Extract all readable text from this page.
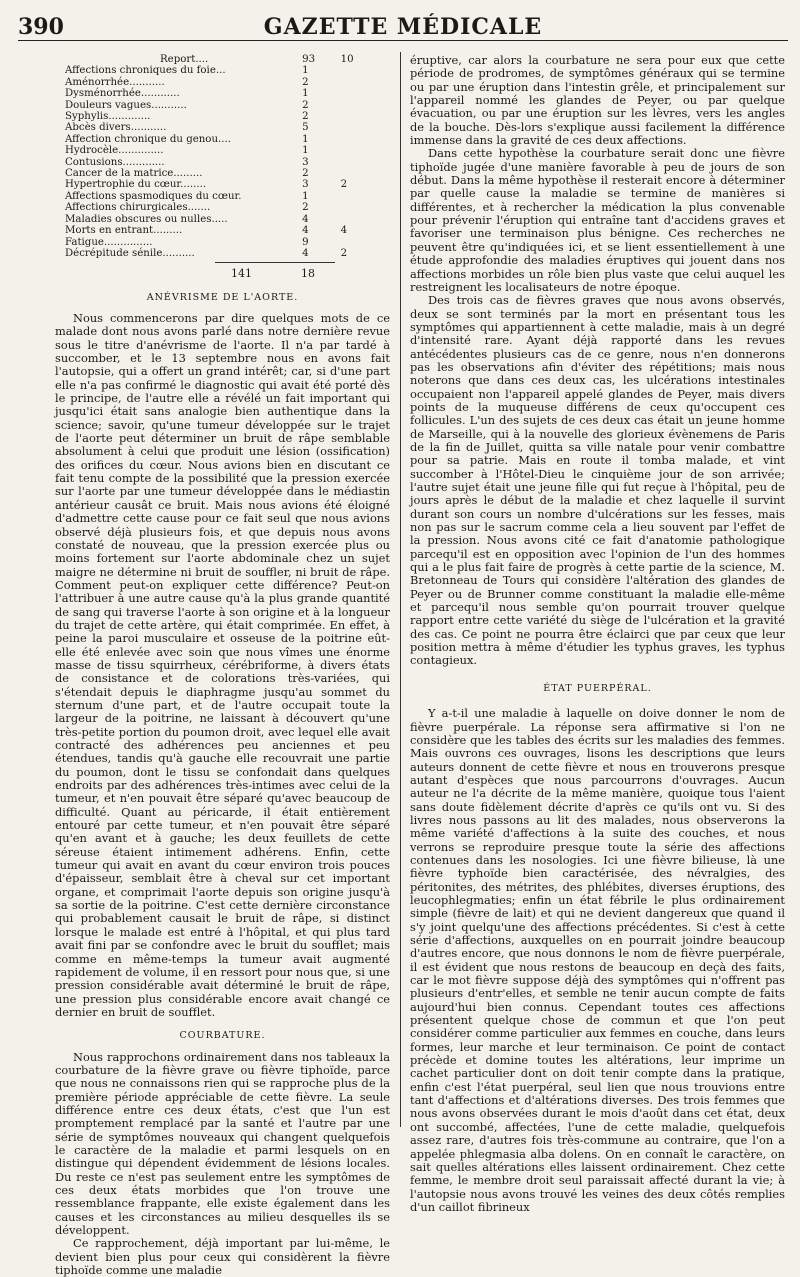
390	GAZETTE MÉDICALE
Report....	93	10
Affections chroniques du foie...	1	
Aménorrhée...........	2	
Dysménorrhée............	1	
Douleurs vagues...........	2	
Syphylis.............	2	
Abcès divers...........	5	
Affection chronique du genou....	1	
Hydrocèle..............	1	
Contusions.............	3	
Cancer de la matrice.........	2	
Hypertrophie du cœur........	3	2
Affections spasmodiques du cœur.	1	
Affections chirurgicales.......	2	
Maladies obscures ou nulles.....	4	
Morts en entrant.........	4	4
Fatigue...............	9	
Décrépitude sénile..........	4	2
141	18
ANÉVRISME DE L'AORTE.

Nous commencerons par dire quelques mots de ce malade dont nous avons parlé dans notre dernière revue sous le titre d'anévrisme de l'aorte. Il n'a par tardé à succomber, et le 13 septembre nous en avons fait l'autopsie, qui a offert un grand intérêt; car, si d'une part elle n'a pas confirmé le diagnostic qui avait été porté dès le principe, de l'autre elle a révélé un fait important qui jusqu'ici était sans analogie bien authentique dans la science; savoir, qu'une tumeur développée sur le trajet de l'aorte peut déterminer un bruit de râpe semblable absolument à celui que produit une lésion (ossification) des orifices du cœur. Nous avions bien en discutant ce fait tenu compte de la possibilité que la pression exercée sur l'aorte par une tumeur développée dans le médiastin antérieur causât ce bruit. Mais nous avions été éloigné d'admettre cette cause pour ce fait seul que nous avions observé déjà plusieurs fois, et que depuis nous avons constaté de nouveau, que la pression exercée plus ou moins fortement sur l'aorte abdominale chez un sujet maigre ne détermine ni bruit de souffler, ni bruit de râpe. Comment peut-on expliquer cette différence? Peut-on l'attribuer à une autre cause qu'à la plus grande quantité de sang qui traverse l'aorte à son origine et à la longueur du trajet de cette artère, qui était comprimée. En effet, à peine la paroi musculaire et osseuse de la poitrine eût-elle été enlevée avec soin que nous vîmes une énorme masse de tissu squirrheux, cérébriforme, à divers états de consistance et de colorations très-variées, qui s'étendait depuis le diaphragme jusqu'au sommet du sternum d'une part, et de l'autre occupait toute la largeur de la poitrine, ne laissant à découvert qu'une très-petite portion du poumon droit, avec lequel elle avait contracté des adhérences peu anciennes et peu étendues, tandis qu'à gauche elle recouvrait une partie du poumon, dont le tissu se confondait dans quelques endroits par des adhérences très-intimes avec celui de la tumeur, et n'en pouvait être séparé qu'avec beaucoup de difficulté. Quant au péricarde, il était entièrement entouré par cette tumeur, et n'en pouvait être séparé qu'en avant et à gauche; les deux feuillets de cette séreuse étaient intimement adhérens. Enfin, cette tumeur qui avait en avant du cœur environ trois pouces d'épaisseur, semblait être à cheval sur cet important organe, et comprimait l'aorte depuis son origine jusqu'à sa sortie de la poitrine. C'est cette dernière circonstance qui probablement causait le bruit de râpe, si distinct lorsque le malade est entré à l'hôpital, et qui plus tard avait fini par se confondre avec le bruit du soufflet; mais comme en même-temps la tumeur avait augmenté rapidement de volume, il en ressort pour nous que, si une pression considérable avait déterminé le bruit de râpe, une pression plus considérable encore avait changé ce dernier en bruit de soufflet.

COURBATURE.

Nous rapprochons ordinairement dans nos tableaux la courbature de la fièvre grave ou fièvre tiphoïde, parce que nous ne connaissons rien qui se rapproche plus de la première période appréciable de cette fièvre. La seule différence entre ces deux états, c'est que l'un est promptement remplacé par la santé et l'autre par une série de symptômes nouveaux qui changent quelquefois le caractère de la maladie et parmi lesquels on en distingue qui dépendent évidemment de lésions locales. Du reste ce n'est pas seulement entre les symptômes de ces deux états morbides que l'on trouve une ressemblance frappante, elle existe également dans les causes et les circonstances au milieu desquelles ils se développent.

Ce rapprochement, déjà important par lui-même, le devient bien plus pour ceux qui considèrent la fièvre tiphoïde comme une maladie

éruptive, car alors la courbature ne sera pour eux que cette période de prodromes, de symptômes généraux qui se termine ou par une éruption dans l'intestin grêle, et principalement sur l'appareil nommé les glandes de Peyer, ou par quelque évacuation, ou par une éruption sur les lèvres, vers les angles de la bouche. Dès-lors s'explique aussi facilement la différence immense dans la gravité de ces deux affections.

Dans cette hypothèse la courbature serait donc une fièvre tiphoïde jugée d'une manière favorable à peu de jours de son début. Dans la même hypothèse il resterait encore à déterminer par quelle cause la maladie se termine de manières si différentes, et à rechercher la médication la plus convenable pour prévenir l'éruption qui entraîne tant d'accidens graves et favoriser une terminaison plus bénigne. Ces recherches ne peuvent être qu'indiquées ici, et se lient essentiellement à une étude approfondie des maladies éruptives qui jouent dans nos affections morbides un rôle bien plus vaste que celui auquel les restreignent les localisateurs de notre époque.

Des trois cas de fièvres graves que nous avons observés, deux se sont terminés par la mort en présentant tous les symptômes qui appartiennent à cette maladie, mais à un degré d'intensité rare. Ayant déjà rapporté dans les revues antécédentes plusieurs cas de ce genre, nous n'en donnerons pas les observations afin d'éviter des répétitions; mais nous noterons que dans ces deux cas, les ulcérations intestinales occupaient non l'appareil appelé glandes de Peyer, mais divers points de la muqueuse différens de ceux qu'occupent ces follicules. L'un des sujets de ces deux cas était un jeune homme de Marseille, qui à la nouvelle des glorieux évènemens de Paris de la fin de Juillet, quitta sa ville natale pour venir combattre pour sa patrie. Mais en route il tomba malade, et vint succomber à l'Hôtel-Dieu le cinquième jour de son arrivée; l'autre sujet était une jeune fille qui fut reçue à l'hôpital, peu de jours après le début de la maladie et chez laquelle il survint durant son cours un nombre d'ulcérations sur les fesses, mais non pas sur le sacrum comme cela a lieu souvent par l'effet de la pression. Nous avons cité ce fait d'anatomie pathologique parcequ'il est en opposition avec l'opinion de l'un des hommes qui a le plus fait faire de progrès à cette partie de la science, M. Bretonneau de Tours qui considère l'altération des glandes de Peyer ou de Brunner comme constituant la maladie elle-même et parcequ'il nous semble qu'on pourrait trouver quelque rapport entre cette variété du siège de l'ulcération et la gravité des cas. Ce point ne pourra être éclairci que par ceux que leur position mettra à même d'étudier les typhus graves, les typhus contagieux.

ÉTAT PUERPÉRAL.

Y a-t-il une maladie à laquelle on doive donner le nom de fièvre puerpérale. La réponse sera affirmative si l'on ne considère que les tables des écrits sur les maladies des femmes. Mais ouvrons ces ouvrages, lisons les descriptions que leurs auteurs donnent de cette fièvre et nous en trouverons presque autant d'espèces que nous parcourrons d'ouvrages. Aucun auteur ne l'a décrite de la même manière, quoique tous l'aient sans doute fidèlement décrite d'après ce qu'ils ont vu. Si des livres nous passons au lit des malades, nous observerons la même variété d'affections à la suite des couches, et nous verrons se reproduire presque toute la série des affections contenues dans les nosologies. Ici une fièvre bilieuse, là une fièvre typhoïde bien caractérisée, des névralgies, des péritonites, des métrites, des phlébites, diverses éruptions, des leucophlegmaties; enfin un état fébrile le plus ordinairement simple (fièvre de lait) et qui ne devient dangereux que quand il s'y joint quelqu'une des affections précédentes. Si c'est à cette série d'affections, auxquelles on en pourrait joindre beaucoup d'autres encore, que nous donnons le nom de fièvre puerpérale, il est évident que nous restons de beaucoup en deçà des faits, car le mot fièvre suppose déjà des symptômes qui n'offrent pas plusieurs d'entr'elles, et semble ne tenir aucun compte de faits aujourd'hui bien connus. Cependant toutes ces affections présentent quelque chose de commun et que l'on peut considérer comme particulier aux femmes en couche, dans leurs formes, leur marche et leur terminaison. Ce point de contact précède et domine toutes les altérations, leur imprime un cachet particulier dont on doit tenir compte dans la pratique, enfin c'est l'état puerpéral, seul lien que nous trouvions entre tant d'affections et d'altérations diverses. Des trois femmes que nous avons observées durant le mois d'août dans cet état, deux ont succombé, affectées, l'une de cette maladie, quelquefois assez rare, d'autres fois très-commune au contraire, que l'on a appelée phlegmasia alba dolens. On en connaît le caractère, on sait quelles altérations elles laissent ordinairement. Chez cette femme, le membre droit seul paraissait affecté durant la vie; à l'autopsie nous avons trouvé les veines des deux côtés remplies d'un caillot fibrineux
